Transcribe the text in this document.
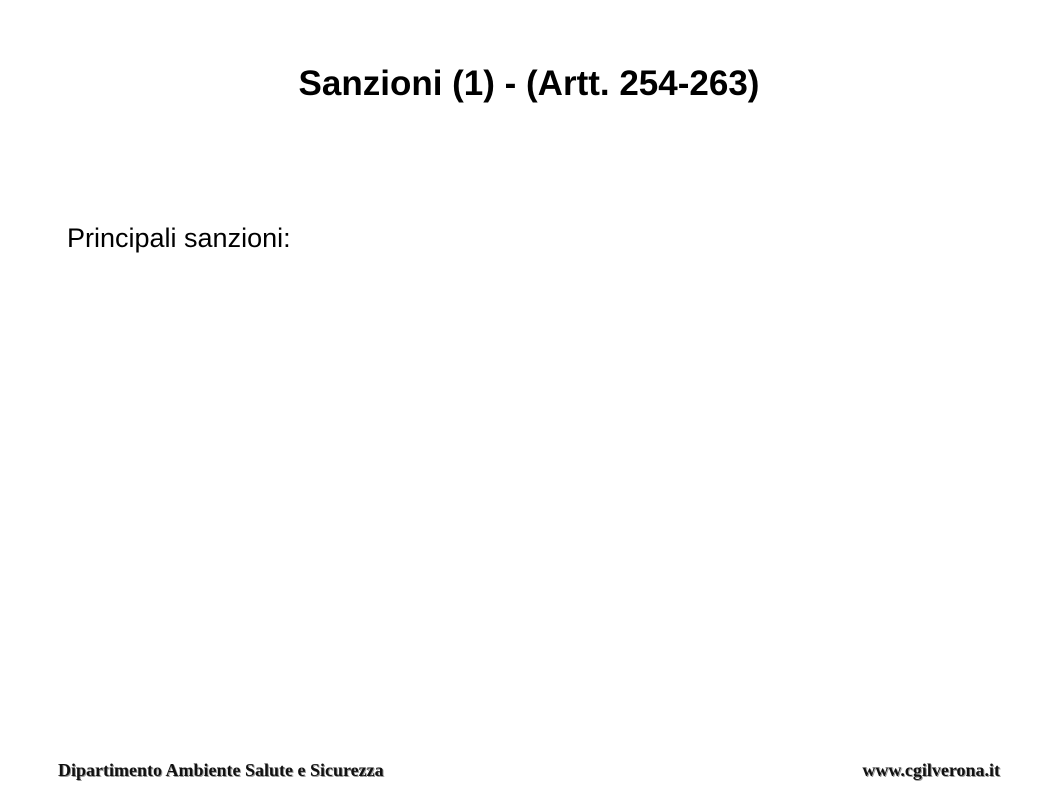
Sanzioni (1) - (Artt. 254-263)
Principali sanzioni:
Dipartimento Ambiente Salute e Sicurezza	www.cgilverona.it
